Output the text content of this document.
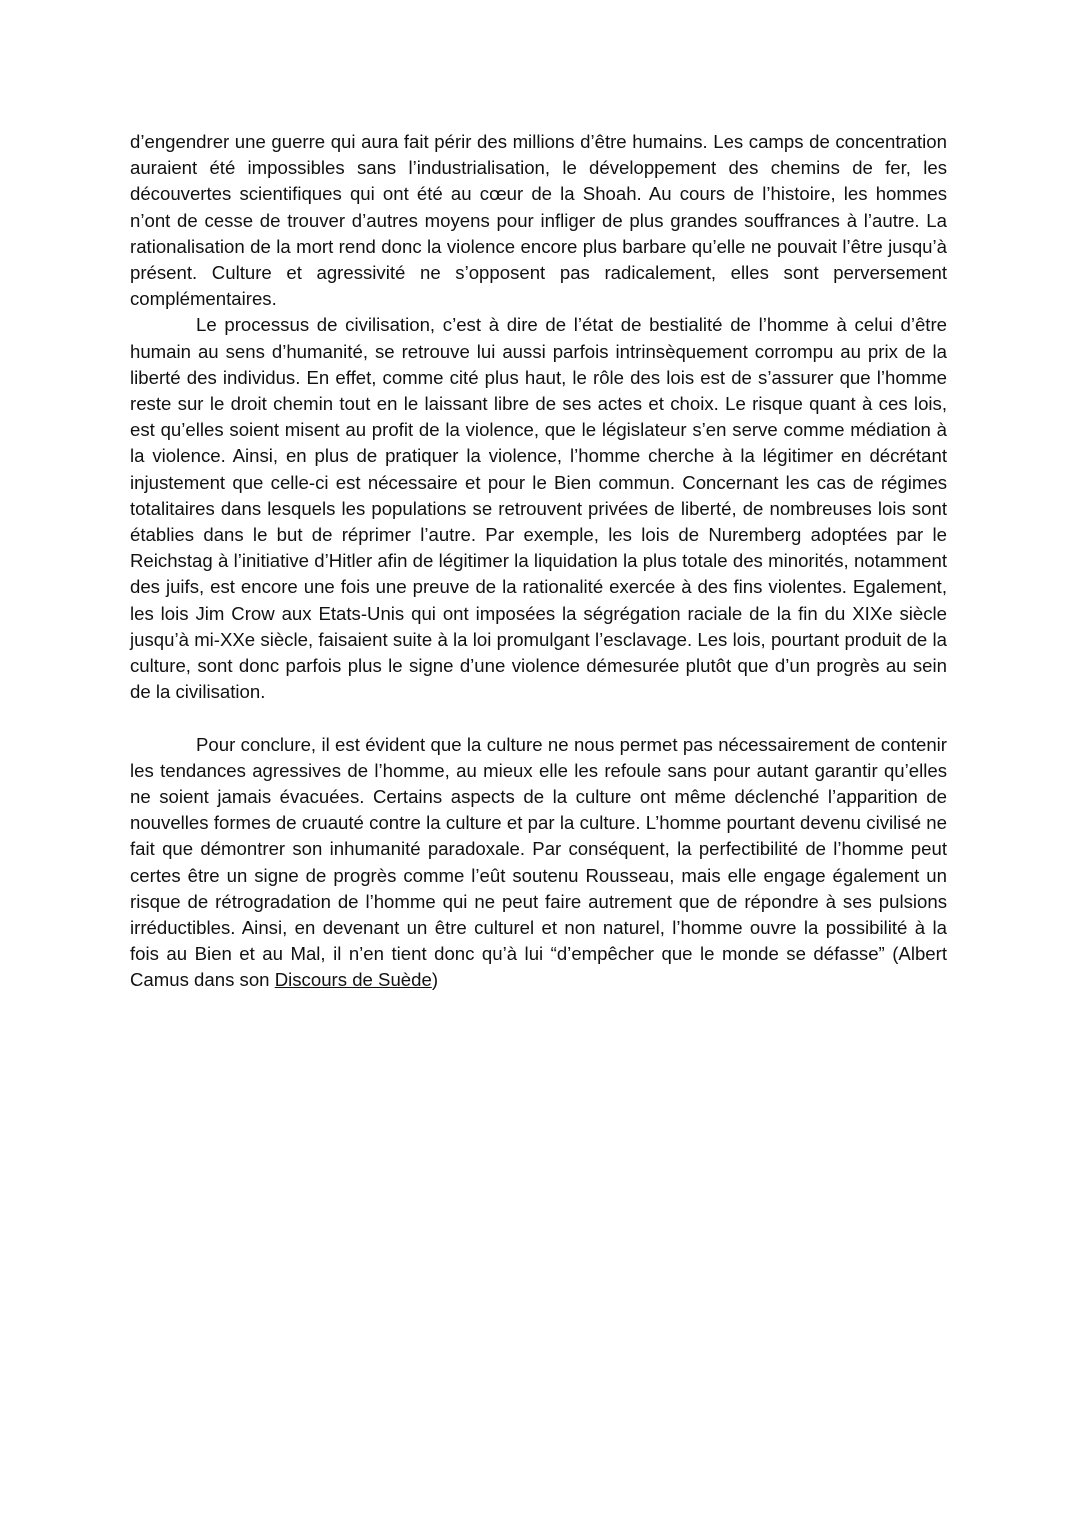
d’engendrer une guerre qui aura fait périr des millions d’être humains. Les camps de concentration auraient été impossibles sans l’industrialisation, le développement des chemins de fer, les découvertes scientifiques qui ont été au cœur de la Shoah. Au cours de l’histoire, les hommes n’ont de cesse de trouver d’autres moyens pour infliger de plus grandes souffrances à l’autre. La rationalisation de la mort rend donc la violence encore plus barbare qu’elle ne pouvait l’être jusqu’à présent. Culture et agressivité ne s’opposent pas radicalement, elles sont perversement complémentaires.

Le processus de civilisation, c’est à dire de l’état de bestialité de l’homme à celui d’être humain au sens d’humanité, se retrouve lui aussi parfois intrinsèquement corrompu au prix de la liberté des individus. En effet, comme cité plus haut, le rôle des lois est de s’assurer que l’homme reste sur le droit chemin tout en le laissant libre de ses actes et choix. Le risque quant à ces lois, est qu’elles soient misent au profit de la violence, que le législateur s’en serve comme médiation à la violence. Ainsi, en plus de pratiquer la violence, l’homme cherche à la légitimer en décrétant injustement que celle-ci est nécessaire et pour le Bien commun. Concernant les cas de régimes totalitaires dans lesquels les populations se retrouvent privées de liberté, de nombreuses lois sont établies dans le but de réprimer l’autre. Par exemple, les lois de Nuremberg adoptées par le Reichstag à l’initiative d’Hitler afin de légitimer la liquidation la plus totale des minorités, notamment des juifs, est encore une fois une preuve de la rationalité exercée à des fins violentes. Egalement, les lois Jim Crow aux Etats-Unis qui ont imposées la ségrégation raciale de la fin du XIXe siècle jusqu’à mi-XXe siècle, faisaient suite à la loi promulgant l’esclavage. Les lois, pourtant produit de la culture, sont donc parfois plus le signe d’une violence démesurée plutôt que d’un progrès au sein de la civilisation.

Pour conclure, il est évident que la culture ne nous permet pas nécessairement de contenir les tendances agressives de l’homme, au mieux elle les refoule sans pour autant garantir qu’elles ne soient jamais évacuées. Certains aspects de la culture ont même déclenché l’apparition de nouvelles formes de cruauté contre la culture et par la culture. L’homme pourtant devenu civilisé ne fait que démontrer son inhumanité paradoxale. Par conséquent, la perfectibilité de l’homme peut certes être un signe de progrès comme l’eût soutenu Rousseau, mais elle engage également un risque de rétrogradation de l’homme qui ne peut faire autrement que de répondre à ses pulsions irréductibles. Ainsi, en devenant un être culturel et non naturel, l’homme ouvre la possibilité à la fois au Bien et au Mal, il n’en tient donc qu’à lui “d’empêcher que le monde se défasse” (Albert Camus dans son Discours de Suède)
